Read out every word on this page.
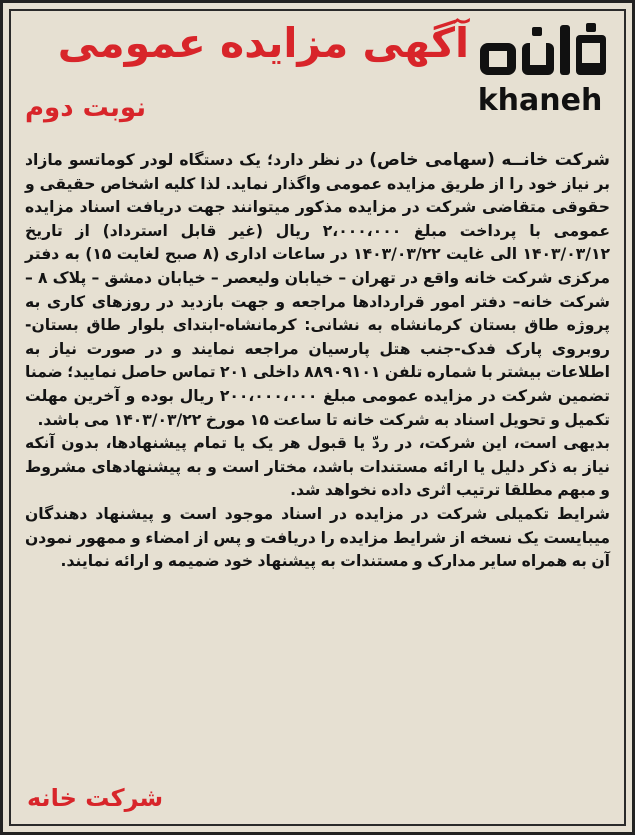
آگهی مزایده عمومی
نوبت دوم	khaneh

شرکت خانــه (سهامی خاص) در نظر دارد؛ یک دستگاه لودر کوماتسو مازاد بر نیاز خود را از طریق مزایده عمومی واگذار نماید. لذا کلیه اشخاص حقیقی و حقوقی متقاضی شرکت در مزایده مذکور میتوانند جهت دریافت اسناد مزایده عمومی با پرداخت مبلغ ۲،۰۰۰،۰۰۰ ریال (غیر قابل استرداد) از تاریخ ۱۴۰۳/۰۳/۱۲ الی غایت ۱۴۰۳/۰۳/۲۲ در ساعات اداری (۸ صبح لغایت ۱۵) به دفتر مرکزی شرکت خانه واقع در تهران – خیابان ولیعصر – خیابان دمشق – پلاک ۸ – شرکت خانه– دفتر امور قراردادها مراجعه و جهت بازدید در روزهای کاری به پروژه طاق بستان کرمانشاه به نشانی: کرمانشاه-ابتدای بلوار طاق بستان- روبروی پارک فدک-جنب هتل پارسیان مراجعه نمایند و در صورت نیاز به اطلاعات بیشتر با شماره تلفن ۸۸۹۰۹۱۰۱ داخلی ۲۰۱ تماس حاصل نمایید؛ ضمنا تضمین شرکت در مزایده عمومی مبلغ ۲۰۰،۰۰۰،۰۰۰ ریال بوده و آخرین مهلت تکمیل و تحویل اسناد به شرکت خانه تا ساعت ۱۵ مورخ ۱۴۰۳/۰۳/۲۲ می باشد.

بدیهی است، این شرکت، در ردّ یا قبول هر یک یا تمام پیشنهادها، بدون آنکه نیاز به ذکر دلیل یا ارائه مستندات باشد، مختار است و به پیشنهادهای مشروط و مبهم مطلقا ترتیب اثری داده نخواهد شد.

شرایط تکمیلی شرکت در مزایده در اسناد موجود است و پیشنهاد دهندگان میبایست یک نسخه از شرایط مزایده را دریافت و پس از امضاء و ممهور نمودن آن به همراه سایر مدارک و مستندات به پیشنهاد خود ضمیمه و ارائه نمایند.

شرکت خانه
